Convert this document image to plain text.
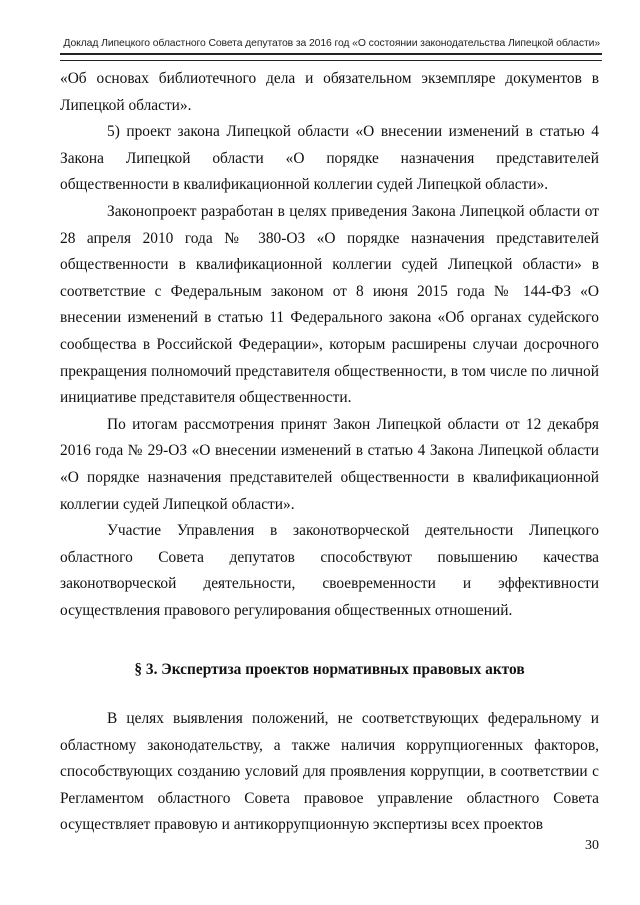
Доклад Липецкого областного Совета депутатов за 2016 год «О состоянии законодательства Липецкой области»

«Об основах библиотечного дела и обязательном экземпляре документов в Липецкой области».

5) проект закона Липецкой области «О внесении изменений в статью 4 Закона Липецкой области «О порядке назначения представителей общественности в квалификационной коллегии судей Липецкой области».

Законопроект разработан в целях приведения Закона Липецкой области от 28 апреля 2010 года № 380-ОЗ «О порядке назначения представителей общественности в квалификационной коллегии судей Липецкой области» в соответствие с Федеральным законом от 8 июня 2015 года № 144-ФЗ «О внесении изменений в статью 11 Федерального закона «Об органах судейского сообщества в Российской Федерации», которым расширены случаи досрочного прекращения полномочий представителя общественности, в том числе по личной инициативе представителя общественности.

По итогам рассмотрения принят Закон Липецкой области от 12 декабря 2016 года № 29-ОЗ «О внесении изменений в статью 4 Закона Липецкой области «О порядке назначения представителей общественности в квалификационной коллегии судей Липецкой области».

Участие Управления в законотворческой деятельности Липецкого областного Совета депутатов способствуют повышению качества законотворческой деятельности, своевременности и эффективности осуществления правового регулирования общественных отношений.

§ 3. Экспертиза проектов нормативных правовых актов

В целях выявления положений, не соответствующих федеральному и областному законодательству, а также наличия коррупциогенных факторов, способствующих созданию условий для проявления коррупции, в соответствии с Регламентом областного Совета правовое управление областного Совета осуществляет правовую и антикоррупционную экспертизы всех проектов

30
